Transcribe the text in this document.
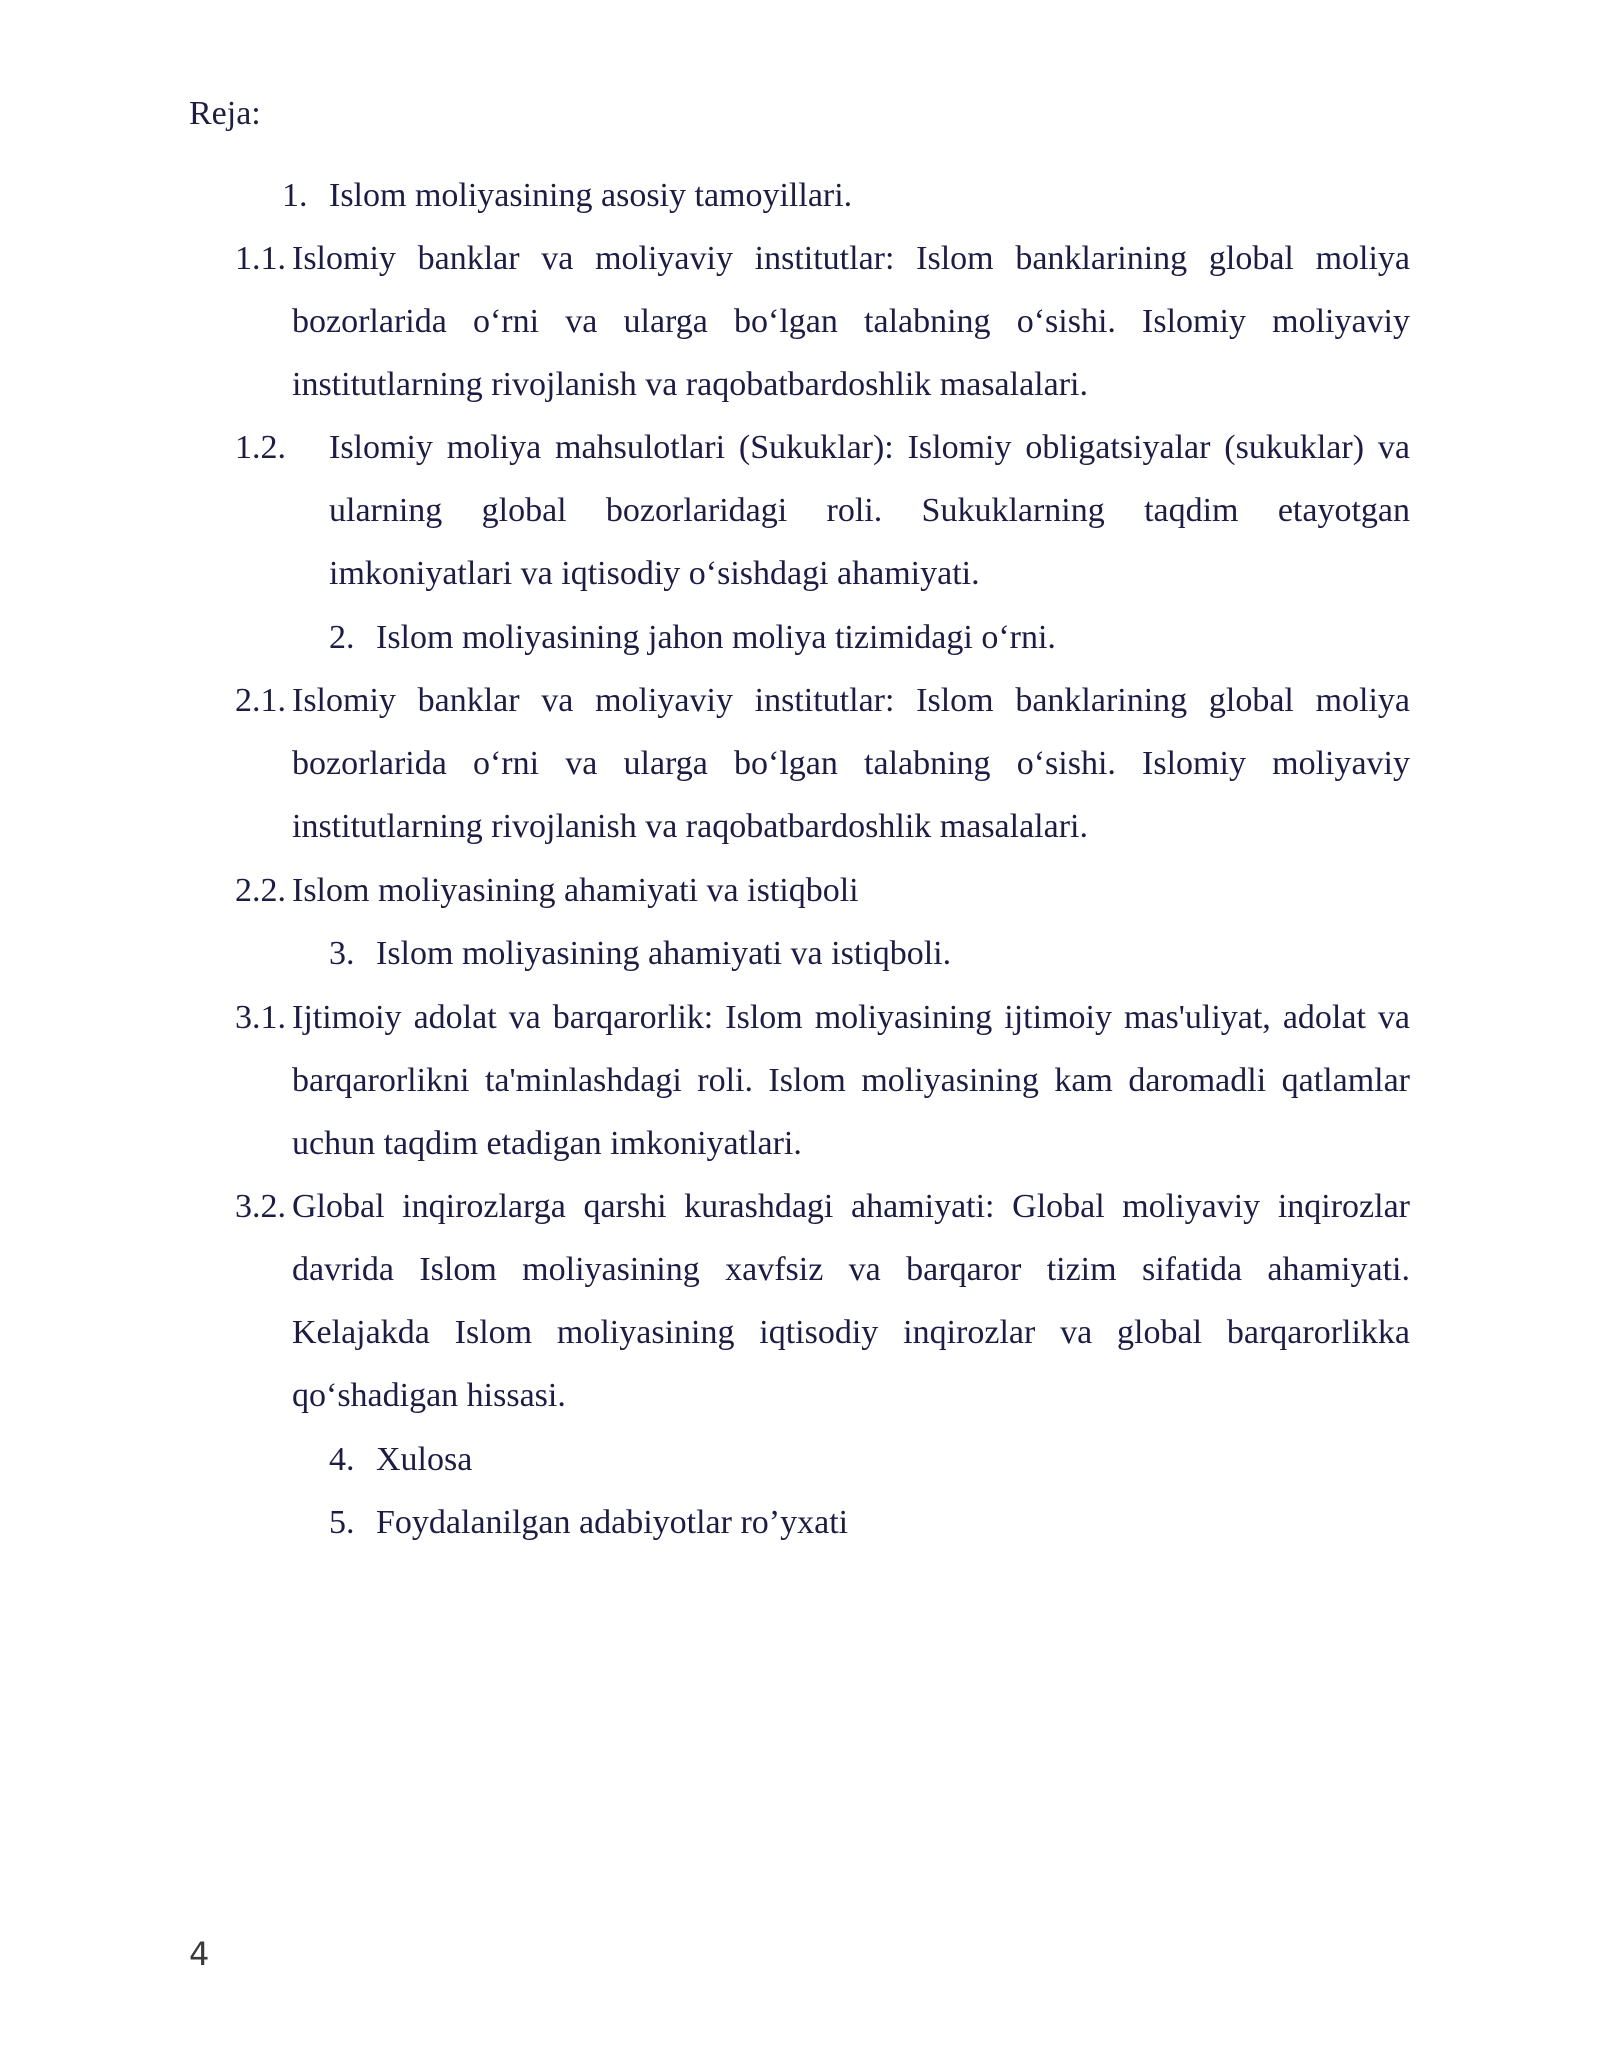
Reja:
1. Islom moliyasining asosiy tamoyillari.
1.1. Islomiy banklar va moliyaviy institutlar: Islom banklarining global moliya bozorlarida o‘rni va ularga bo‘lgan talabning o‘sishi. Islomiy moliyaviy institutlarning rivojlanish va raqobatbardoshlik masalalari.
1.2. Islomiy moliya mahsulotlari (Sukuklar): Islomiy obligatsiyalar (sukuklar) va ularning global bozorlaridagi roli. Sukuklarning taqdim etayotgan imkoniyatlari va iqtisodiy o‘sishdagi ahamiyati.
2. Islom moliyasining jahon moliya tizimidagi o‘rni.
2.1. Islomiy banklar va moliyaviy institutlar: Islom banklarining global moliya bozorlarida o‘rni va ularga bo‘lgan talabning o‘sishi. Islomiy moliyaviy institutlarning rivojlanish va raqobatbardoshlik masalalari.
2.2. Islom moliyasining ahamiyati va istiqboli
3. Islom moliyasining ahamiyati va istiqboli.
3.1. Ijtimoiy adolat va barqarorlik: Islom moliyasining ijtimoiy mas'uliyat, adolat va barqarorlikni ta'minlashdagi roli. Islom moliyasining kam daromadli qatlamlar uchun taqdim etadigan imkoniyatlari.
3.2. Global inqirozlarga qarshi kurashdagi ahamiyati: Global moliyaviy inqirozlar davrida Islom moliyasining xavfsiz va barqaror tizim sifatida ahamiyati. Kelajakda Islom moliyasining iqtisodiy inqirozlar va global barqarorlikka qo‘shadigan hissasi.
4. Xulosa
5. Foydalanilgan adabiyotlar ro’yxati
4
